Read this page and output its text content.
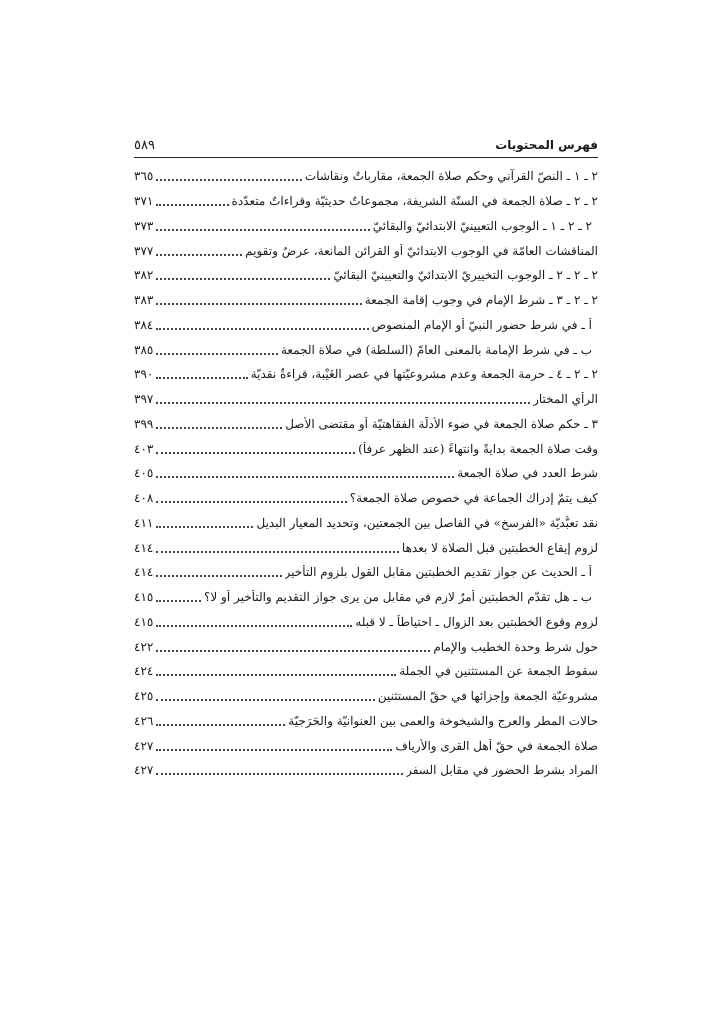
فهرس المحتويات
٥٨٩
٢ ـ ١ ـ النصّ القرآني وحكم صلاة الجمعة، مقارباتٌ ونقاشات
٣٦٥
٢ ـ ٢ ـ صلاة الجمعة في السنّة الشريفة، مجموعاتٌ حديثيّة وقراءاتٌ متعدّدة
٣٧١
٢ ـ ٢ ـ ١ ـ الوجوب التعيينيّ الابتدائيّ والبقائيّ
٣٧٣
المناقشات العامّة في الوجوب الابتدائيّ أو القرائن المانعة، عرضٌ وتقويم
٣٧٧
٢ ـ ٢ ـ ٢ ـ الوجوب التخييريّ الابتدائيّ والتعيينيّ البقائيّ
٣٨٢
٢ ـ ٢ ـ ٣ ـ شرط الإمام في وجوب إقامة الجمعة
٣٨٣
أ ـ في شرط حضور النبيّ أو الإمام المنصوص
٣٨٤
ب ـ في شرط الإمامة بالمعنى العامّ (السلطة) في صلاة الجمعة
٣٨٥
٢ ـ ٢ ـ ٤ ـ حرمة الجمعة وعدم مشروعيّتها في عصر الغَيْبة، قراءةٌ نقديّة
٣٩٠
الرأي المختار
٣٩٧
٣ ـ حكم صلاة الجمعة في ضوء الأدلّة الفقاهتيّة أو مقتضى الأصل
٣٩٩
وقت صلاة الجمعة بدايةً وانتهاءً (عند الظهر عرفاً)
٤٠٣
شرط العدد في صلاة الجمعة
٤٠٥
كيف يتمّ إدراك الجماعة في خصوص صلاة الجمعة؟
٤٠٨
نقد تعبُّديّة «الفرسخ» في الفاصل بين الجمعتين، وتحديد المعيار البديل
٤١١
لزوم إيقاع الخطبتين قبل الصلاة لا بعدها
٤١٤
أ ـ الحديث عن جواز تقديم الخطبتين مقابل القول بلزوم التأخير
٤١٤
ب ـ هل تقدّم الخطبتين أمرٌ لازم في مقابل من يرى جواز التقديم والتأخير أو لا؟
٤١٥
لزوم وقوع الخطبتين بعد الزوال ـ احتياطاً ـ لا قبله
٤١٥
حول شرط وحدة الخطيب والإمام
٤٢٢
سقوط الجمعة عن المستثنين في الجملة
٤٢٤
مشروعيّة الجمعة وإجزائها في حقّ المستثنين
٤٢٥
حالات المطر والعرج والشيخوخة والعمى بين العنوانيّة والحَرَجيّة
٤٢٦
صلاة الجمعة في حقّ أهل القرى والأرياف
٤٢٧
المراد بشرط الحضور في مقابل السفر
٤٢٧
